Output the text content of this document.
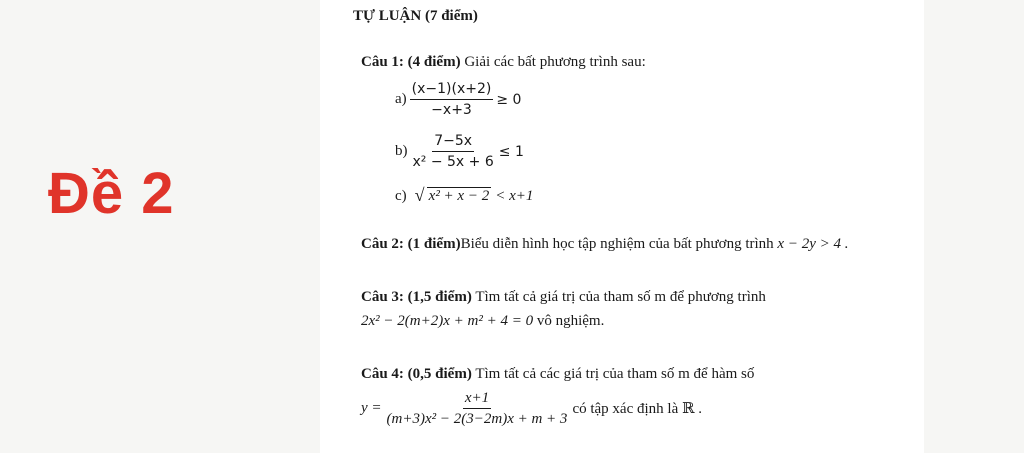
Đề 2
TỰ LUẬN (7 điểm)
Câu 1: (4 điểm) Giải các bất phương trình sau:
$a) \frac{(x-1)(x+2)}{-x+3} \ge 0$
$b) \frac{7-5x}{\text{x² − 5x + 6}} \le 1$
c) √ x² + x − 2 < x+1
Câu 2: (1 điểm)Biểu diễn hình học tập nghiệm của bất phương trình x − 2y > 4 .
Câu 3: (1,5 điểm) Tìm tất cả giá trị của tham số m để phương trình
2x² − 2(m+2)x + m² + 4 = 0 vô nghiệm.
Câu 4: (0,5 điểm) Tìm tất cả các giá trị của tham số m để hàm số
$y = \frac{x+1}{\text{(m+3)x² − 2(3−2m)x + m + 3}}$ có tập xác định là ℝ .
